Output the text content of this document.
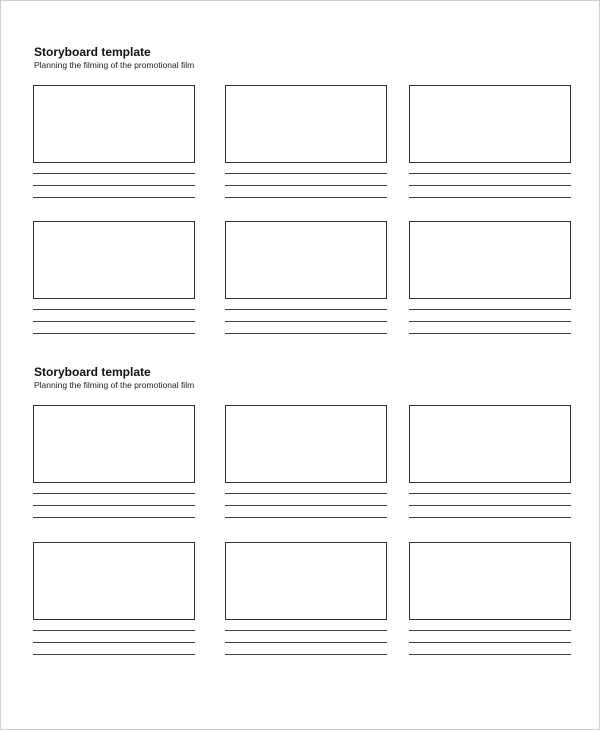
Storyboard template
Planning the filming of the promotional film
Storyboard template
Planning the filming of the promotional film
